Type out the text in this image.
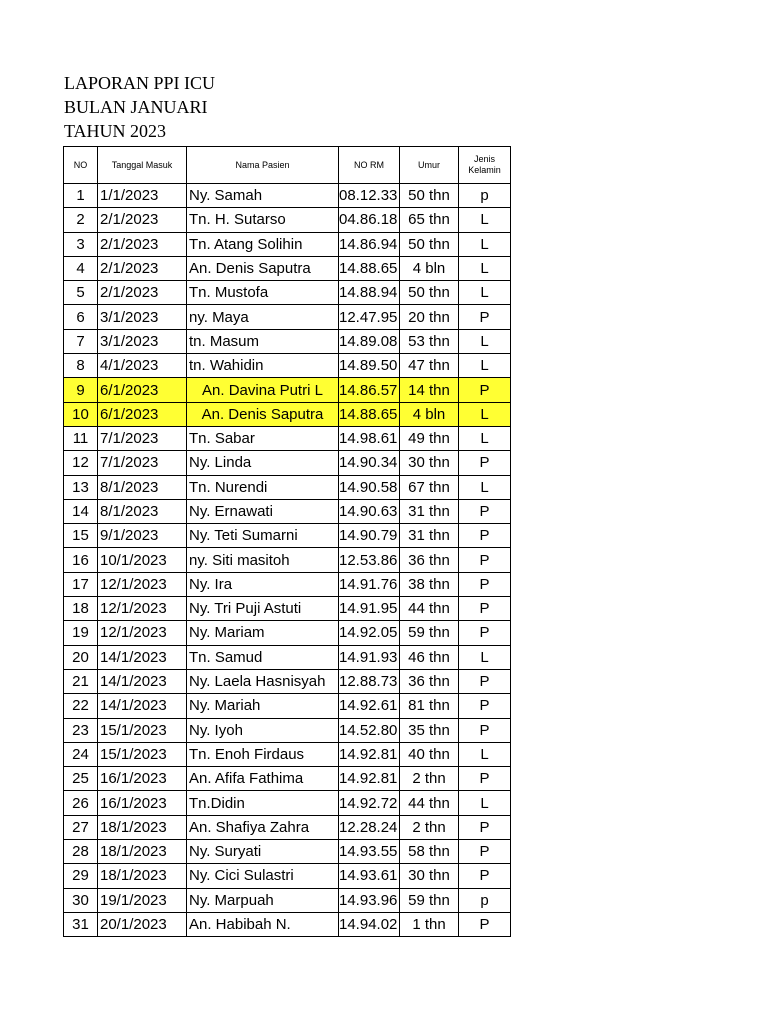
LAPORAN PPI ICU
BULAN JANUARI
TAHUN 2023
NO	Tanggal Masuk	Nama Pasien	NO RM	Umur	Jenis Kelamin
1	1/1/2023	Ny. Samah	08.12.33	50 thn	p
2	2/1/2023	Tn. H. Sutarso	04.86.18	65 thn	L
3	2/1/2023	Tn. Atang Solihin	14.86.94	50 thn	L
4	2/1/2023	An. Denis Saputra	14.88.65	4 bln	L
5	2/1/2023	Tn. Mustofa	14.88.94	50 thn	L
6	3/1/2023	ny. Maya	12.47.95	20 thn	P
7	3/1/2023	tn. Masum	14.89.08	53 thn	L
8	4/1/2023	tn. Wahidin	14.89.50	47 thn	L
9	6/1/2023	An. Davina Putri L	14.86.57	14 thn	P
10	6/1/2023	An. Denis Saputra	14.88.65	4 bln	L
11	7/1/2023	Tn. Sabar	14.98.61	49 thn	L
12	7/1/2023	Ny. Linda	14.90.34	30 thn	P
13	8/1/2023	Tn. Nurendi	14.90.58	67 thn	L
14	8/1/2023	Ny. Ernawati	14.90.63	31 thn	P
15	9/1/2023	Ny. Teti Sumarni	14.90.79	31 thn	P
16	10/1/2023	ny. Siti masitoh	12.53.86	36 thn	P
17	12/1/2023	Ny. Ira	14.91.76	38 thn	P
18	12/1/2023	Ny. Tri Puji Astuti	14.91.95	44 thn	P
19	12/1/2023	Ny. Mariam	14.92.05	59 thn	P
20	14/1/2023	Tn. Samud	14.91.93	46 thn	L
21	14/1/2023	Ny. Laela Hasnisyah	12.88.73	36 thn	P
22	14/1/2023	Ny. Mariah	14.92.61	81 thn	P
23	15/1/2023	Ny. Iyoh	14.52.80	35 thn	P
24	15/1/2023	Tn. Enoh Firdaus	14.92.81	40 thn	L
25	16/1/2023	An. Afifa Fathima	14.92.81	2 thn	P
26	16/1/2023	Tn.Didin	14.92.72	44 thn	L
27	18/1/2023	An. Shafiya Zahra	12.28.24	2 thn	P
28	18/1/2023	Ny. Suryati	14.93.55	58 thn	P
29	18/1/2023	Ny. Cici Sulastri	14.93.61	30 thn	P
30	19/1/2023	Ny. Marpuah	14.93.96	59 thn	p
31	20/1/2023	An. Habibah N.	14.94.02	1 thn	P
